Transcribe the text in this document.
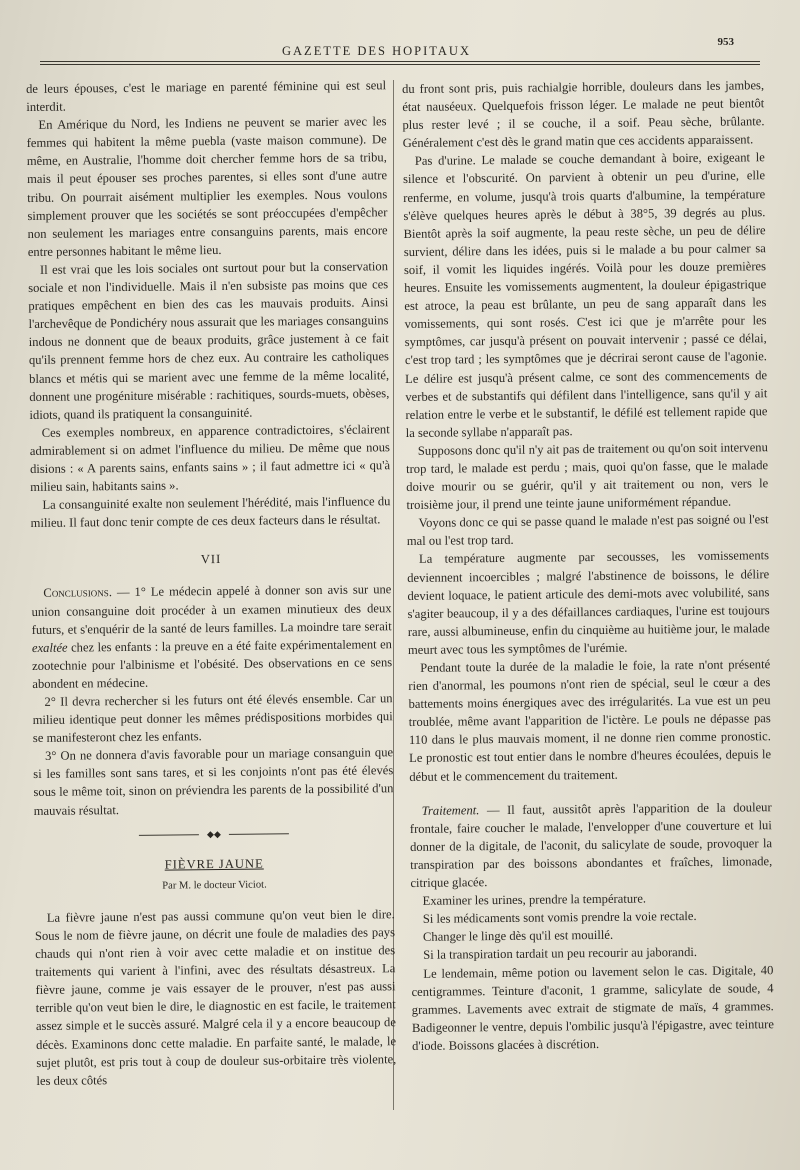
GAZETTE DES HOPITAUX
953

de leurs épouses, c'est le mariage en parenté féminine qui est seul interdit.

En Amérique du Nord, les Indiens ne peuvent se marier avec les femmes qui habitent la même puebla (vaste maison commune). De même, en Australie, l'homme doit chercher femme hors de sa tribu, mais il peut épouser ses proches parentes, si elles sont d'une autre tribu. On pourrait aisément multiplier les exemples. Nous voulons simplement prouver que les sociétés se sont préoccupées d'empêcher non seulement les mariages entre consanguins parents, mais encore entre personnes habitant le même lieu.

Il est vrai que les lois sociales ont surtout pour but la conservation sociale et non l'individuelle. Mais il n'en subsiste pas moins que ces pratiques empêchent en bien des cas les mauvais produits. Ainsi l'archevêque de Pondichéry nous assurait que les mariages consanguins indous ne donnent que de beaux produits, grâce justement à ce fait qu'ils prennent femme hors de chez eux. Au contraire les catholiques blancs et métis qui se marient avec une femme de la même localité, donnent une progéniture misérable : rachitiques, sourds-muets, obèses, idiots, quand ils pratiquent la consanguinité.

Ces exemples nombreux, en apparence contradictoires, s'éclairent admirablement si on admet l'influence du milieu. De même que nous disions : « A parents sains, enfants sains » ; il faut admettre ici « qu'à milieu sain, habitants sains ».

La consanguinité exalte non seulement l'hérédité, mais l'influence du milieu. Il faut donc tenir compte de ces deux facteurs dans le résultat.

VII

Conclusions. — 1° Le médecin appelé à donner son avis sur une union consanguine doit procéder à un examen minutieux des deux futurs, et s'enquérir de la santé de leurs familles. La moindre tare serait exaltée chez les enfants : la preuve en a été faite expérimentalement en zootechnie pour l'albinisme et l'obésité. Des observations en ce sens abondent en médecine.

2° Il devra rechercher si les futurs ont été élevés ensemble. Car un milieu identique peut donner les mêmes prédispositions morbides qui se manifesteront chez les enfants.

3° On ne donnera d'avis favorable pour un mariage consanguin que si les familles sont sans tares, et si les conjoints n'ont pas été élevés sous le même toit, sinon on préviendra les parents de la possibilité d'un mauvais résultat.

◆◆
FIÈVRE JAUNE
Par M. le docteur Viciot.

La fièvre jaune n'est pas aussi commune qu'on veut bien le dire. Sous le nom de fièvre jaune, on décrit une foule de maladies des pays chauds qui n'ont rien à voir avec cette maladie et on institue des traitements qui varient à l'infini, avec des résultats désastreux. La fièvre jaune, comme je vais essayer de le prouver, n'est pas aussi terrible qu'on veut bien le dire, le diagnostic en est facile, le traitement assez simple et le succès assuré. Malgré cela il y a encore beaucoup de décès. Examinons donc cette maladie. En parfaite santé, le malade, le sujet plutôt, est pris tout à coup de douleur sus-orbitaire très violente, les deux côtés

du front sont pris, puis rachialgie horrible, douleurs dans les jambes, état nauséeux. Quelquefois frisson léger. Le malade ne peut bientôt plus rester levé ; il se couche, il a soif. Peau sèche, brûlante. Généralement c'est dès le grand matin que ces accidents apparaissent.

Pas d'urine. Le malade se couche demandant à boire, exigeant le silence et l'obscurité. On parvient à obtenir un peu d'urine, elle renferme, en volume, jusqu'à trois quarts d'albumine, la température s'élève quelques heures après le début à 38°5, 39 degrés au plus. Bientôt après la soif augmente, la peau reste sèche, un peu de délire survient, délire dans les idées, puis si le malade a bu pour calmer sa soif, il vomit les liquides ingérés. Voilà pour les douze premières heures. Ensuite les vomissements augmentent, la douleur épigastrique est atroce, la peau est brûlante, un peu de sang apparaît dans les vomissements, qui sont rosés. C'est ici que je m'arrête pour les symptômes, car jusqu'à présent on pouvait intervenir ; passé ce délai, c'est trop tard ; les symptômes que je décrirai seront cause de l'agonie. Le délire est jusqu'à présent calme, ce sont des commencements de verbes et de substantifs qui défilent dans l'intelligence, sans qu'il y ait relation entre le verbe et le substantif, le défilé est tellement rapide que la seconde syllabe n'apparaît pas.

Supposons donc qu'il n'y ait pas de traitement ou qu'on soit intervenu trop tard, le malade est perdu ; mais, quoi qu'on fasse, que le malade doive mourir ou se guérir, qu'il y ait traitement ou non, vers le troisième jour, il prend une teinte jaune uniformément répandue.

Voyons donc ce qui se passe quand le malade n'est pas soigné ou l'est mal ou l'est trop tard.

La température augmente par secousses, les vomissements deviennent incoercibles ; malgré l'abstinence de boissons, le délire devient loquace, le patient articule des demi-mots avec volubilité, sans s'agiter beaucoup, il y a des défaillances cardiaques, l'urine est toujours rare, aussi albumineuse, enfin du cinquième au huitième jour, le malade meurt avec tous les symptômes de l'urémie.

Pendant toute la durée de la maladie le foie, la rate n'ont présenté rien d'anormal, les poumons n'ont rien de spécial, seul le cœur a des battements moins énergiques avec des irrégularités. La vue est un peu troublée, même avant l'apparition de l'ictère. Le pouls ne dépasse pas 110 dans le plus mauvais moment, il ne donne rien comme pronostic. Le pronostic est tout entier dans le nombre d'heures écoulées, depuis le début et le commencement du traitement.

Traitement. — Il faut, aussitôt après l'apparition de la douleur frontale, faire coucher le malade, l'envelopper d'une couverture et lui donner de la digitale, de l'aconit, du salicylate de soude, provoquer la transpiration par des boissons abondantes et fraîches, limonade, citrique glacée.

Examiner les urines, prendre la température.

Si les médicaments sont vomis prendre la voie rectale.

Changer le linge dès qu'il est mouillé.

Si la transpiration tardait un peu recourir au jaborandi.

Le lendemain, même potion ou lavement selon le cas. Digitale, 40 centigrammes. Teinture d'aconit, 1 gramme, salicylate de soude, 4 grammes. Lavements avec extrait de stigmate de maïs, 4 grammes. Badigeonner le ventre, depuis l'ombilic jusqu'à l'épigastre, avec teinture d'iode. Boissons glacées à discrétion.
